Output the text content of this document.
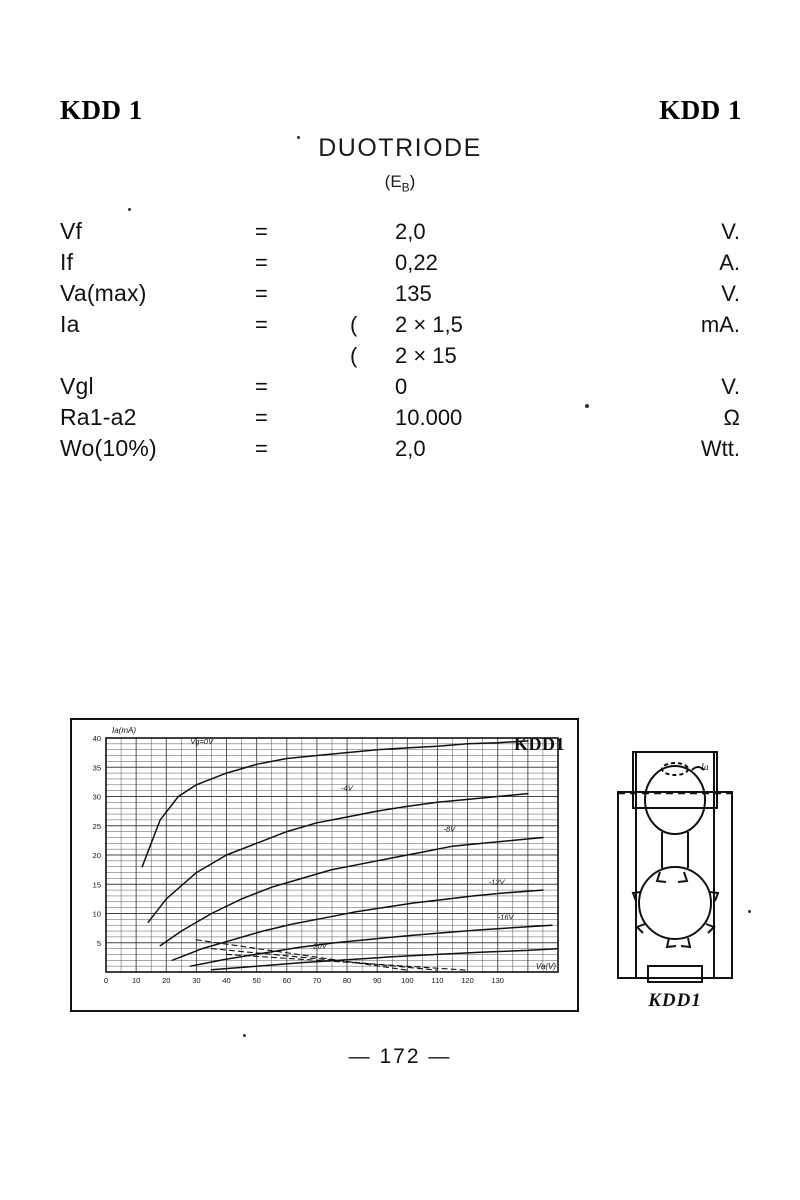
KDD 1	KDD 1
DUOTRIODE
$(E_B)$
Vf	=		2,0	V.
If	=		0,22	A.
Va(max)	=		135	V.
Ia	=	(	2 × 1,5	mA.
		(	2 × 15	
Vgl	=		0	V.
Ra1-a2	=		10.000	Ω
Wo(10%)	=		2,0	Wtt.
0	10	20	30	40	50	60	70	80	90	100 110 120 130
5
10
15
20
25
30
35
40
Ia(mA)
Va(V)
Vg=0V
-4V
-8V
-12V
-16V
-20V
KDD1
Ia
KDD1
— 172 —
